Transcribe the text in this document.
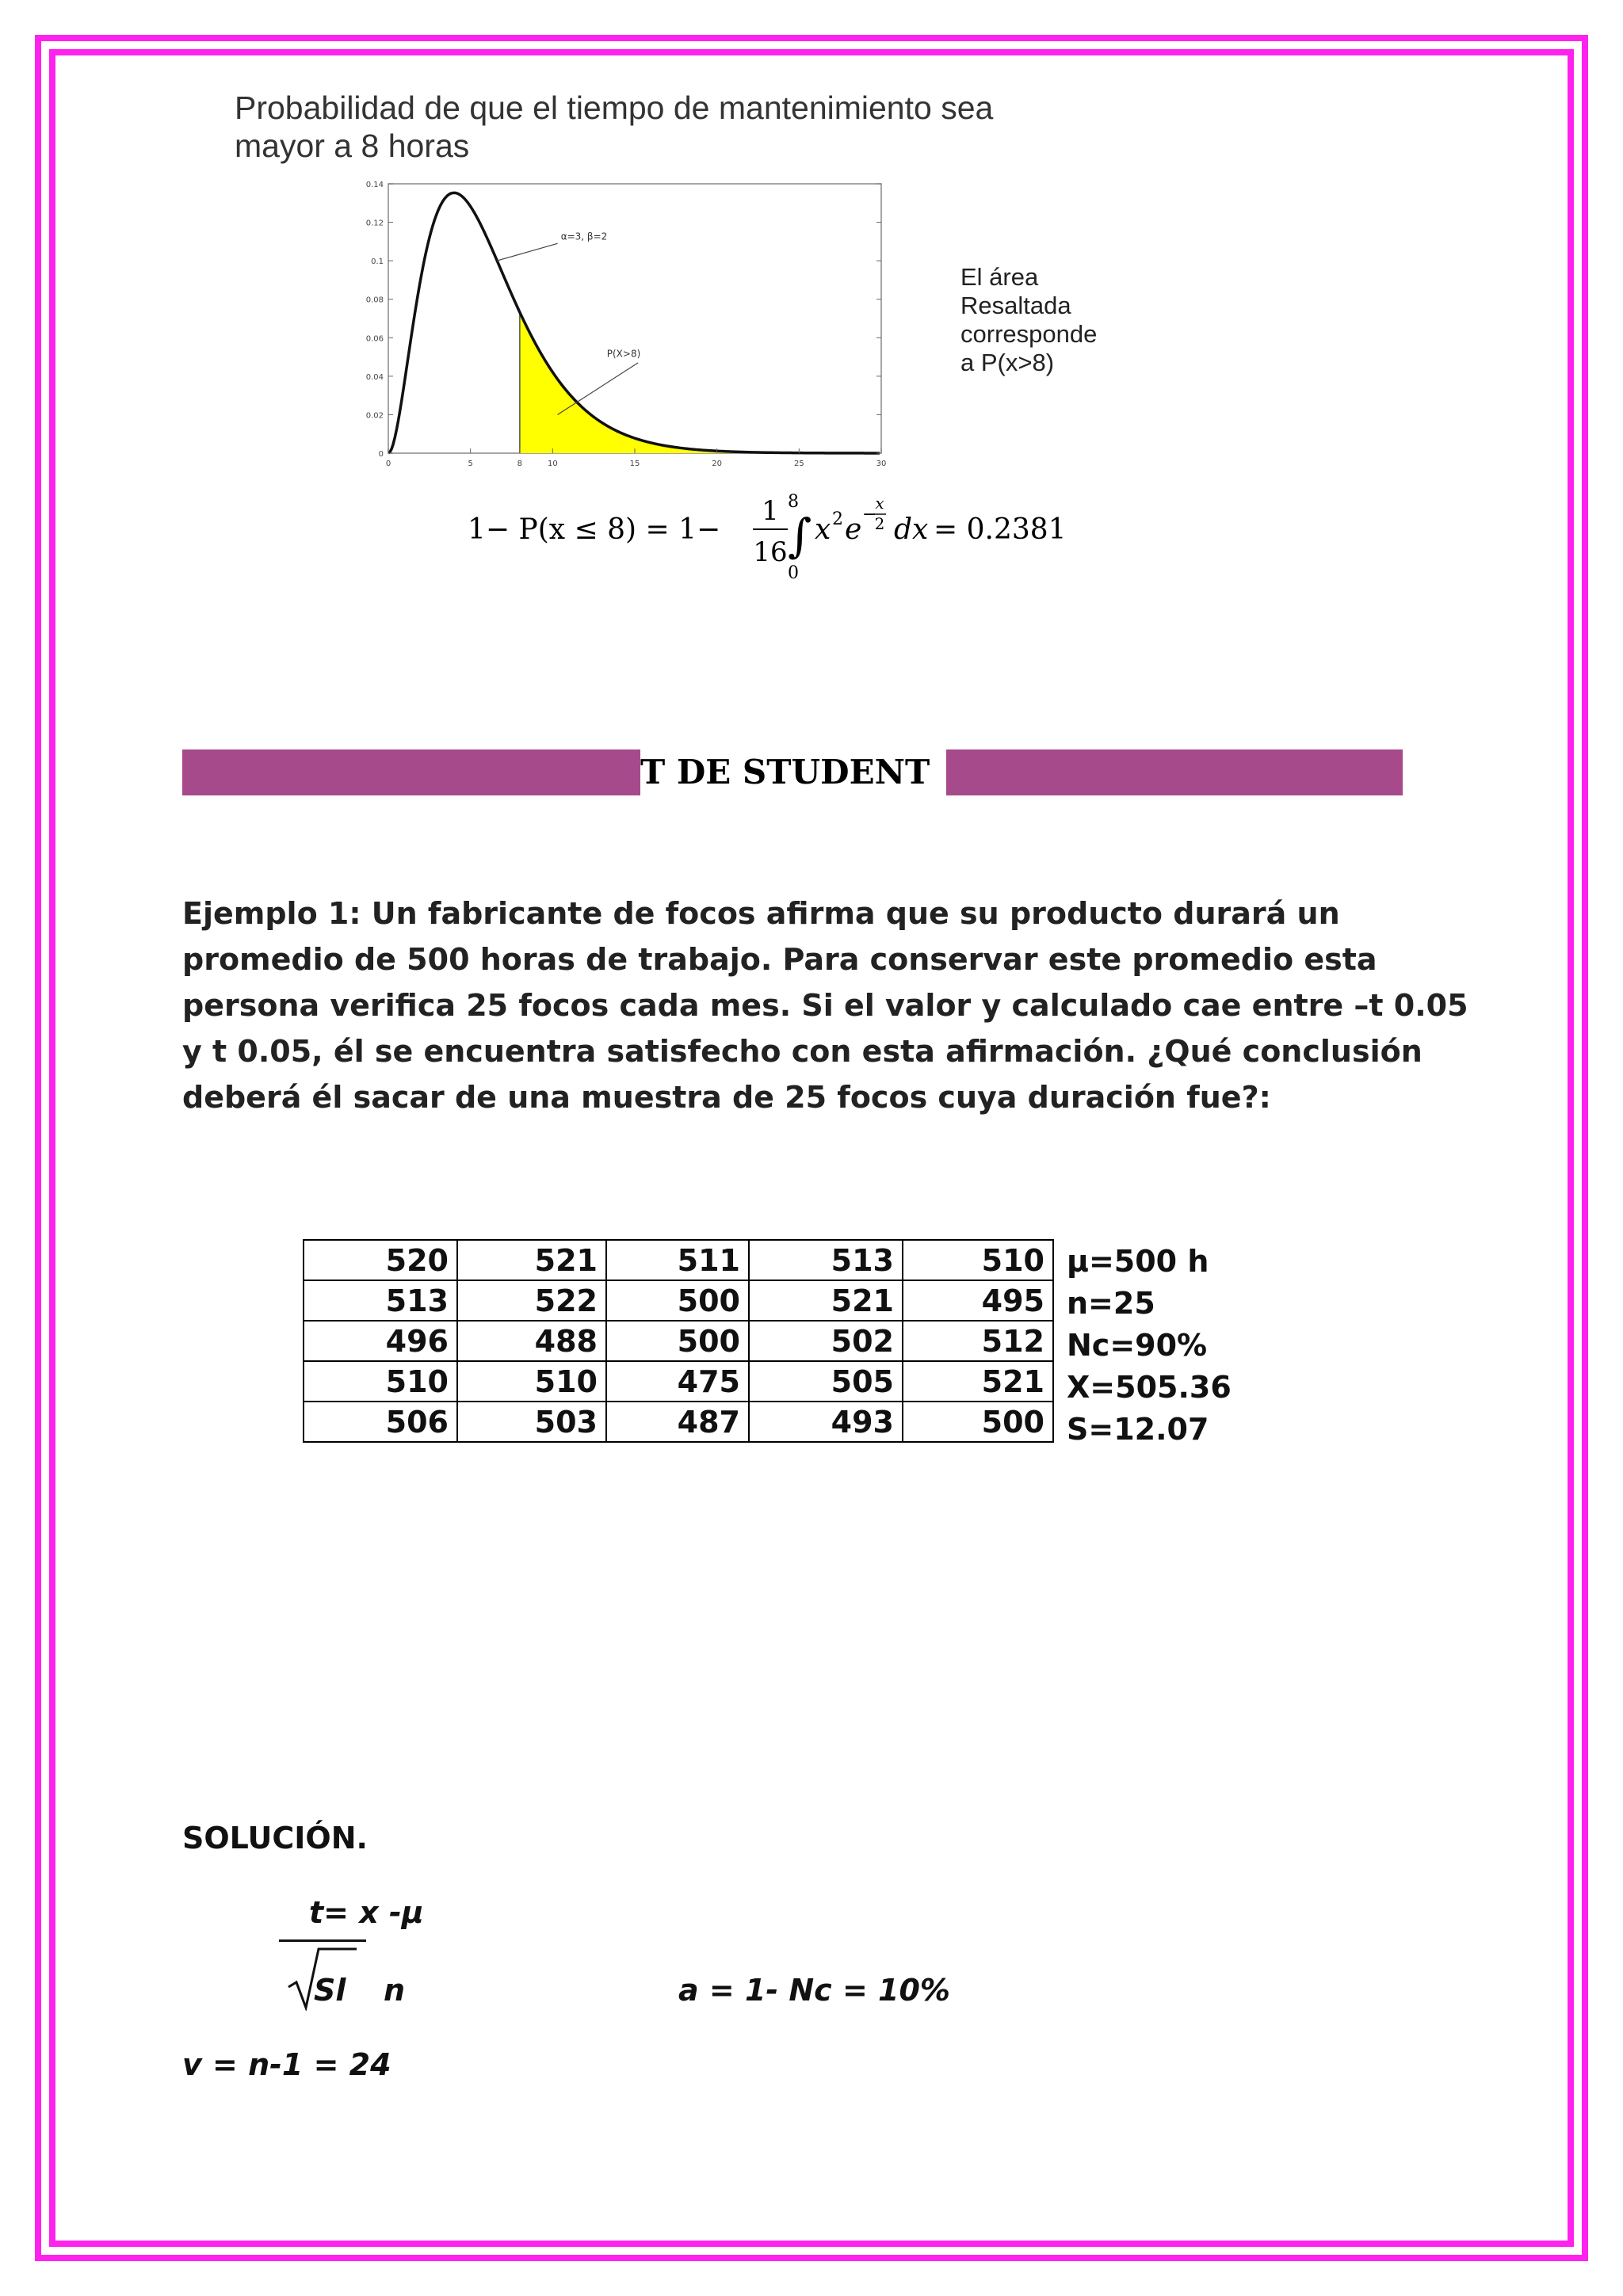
Probabilidad de que el tiempo de mantenimiento sea
mayor a 8 horas
0	5	8	10	15	20	25	30
0
0.02
0.04
0.06
0.08
0.1
0.12
0.14
α=3, β=2
P(X>8)
El área
Resaltada
corresponde
a P(x>8)
1− P(x ≤ 8) = 1−
1
16 ∫
8
0
x 2 e −
x
2 dx = 0.2381
T DE STUDENT
Ejemplo 1: Un fabricante de focos afirma que su producto durará un
promedio de 500 horas de trabajo. Para conservar este promedio esta
persona verifica 25 focos cada mes. Si el valor y calculado cae entre –t 0.05
y t 0.05, él se encuentra satisfecho con esta afirmación. ¿Qué conclusión
deberá él sacar de una muestra de 25 focos cuya duración fue?:
520	521	511	513	510
513	522	500	521	495
496	488	500	502	512
510	510	475	505	521
506	503	487	493	500
μ=500 h
n=25
Nc=90%
X=505.36
S=12.07
SOLUCIÓN.
t= x -μ
Sl n	a = 1- Nc = 10%
v = n-1 = 24
